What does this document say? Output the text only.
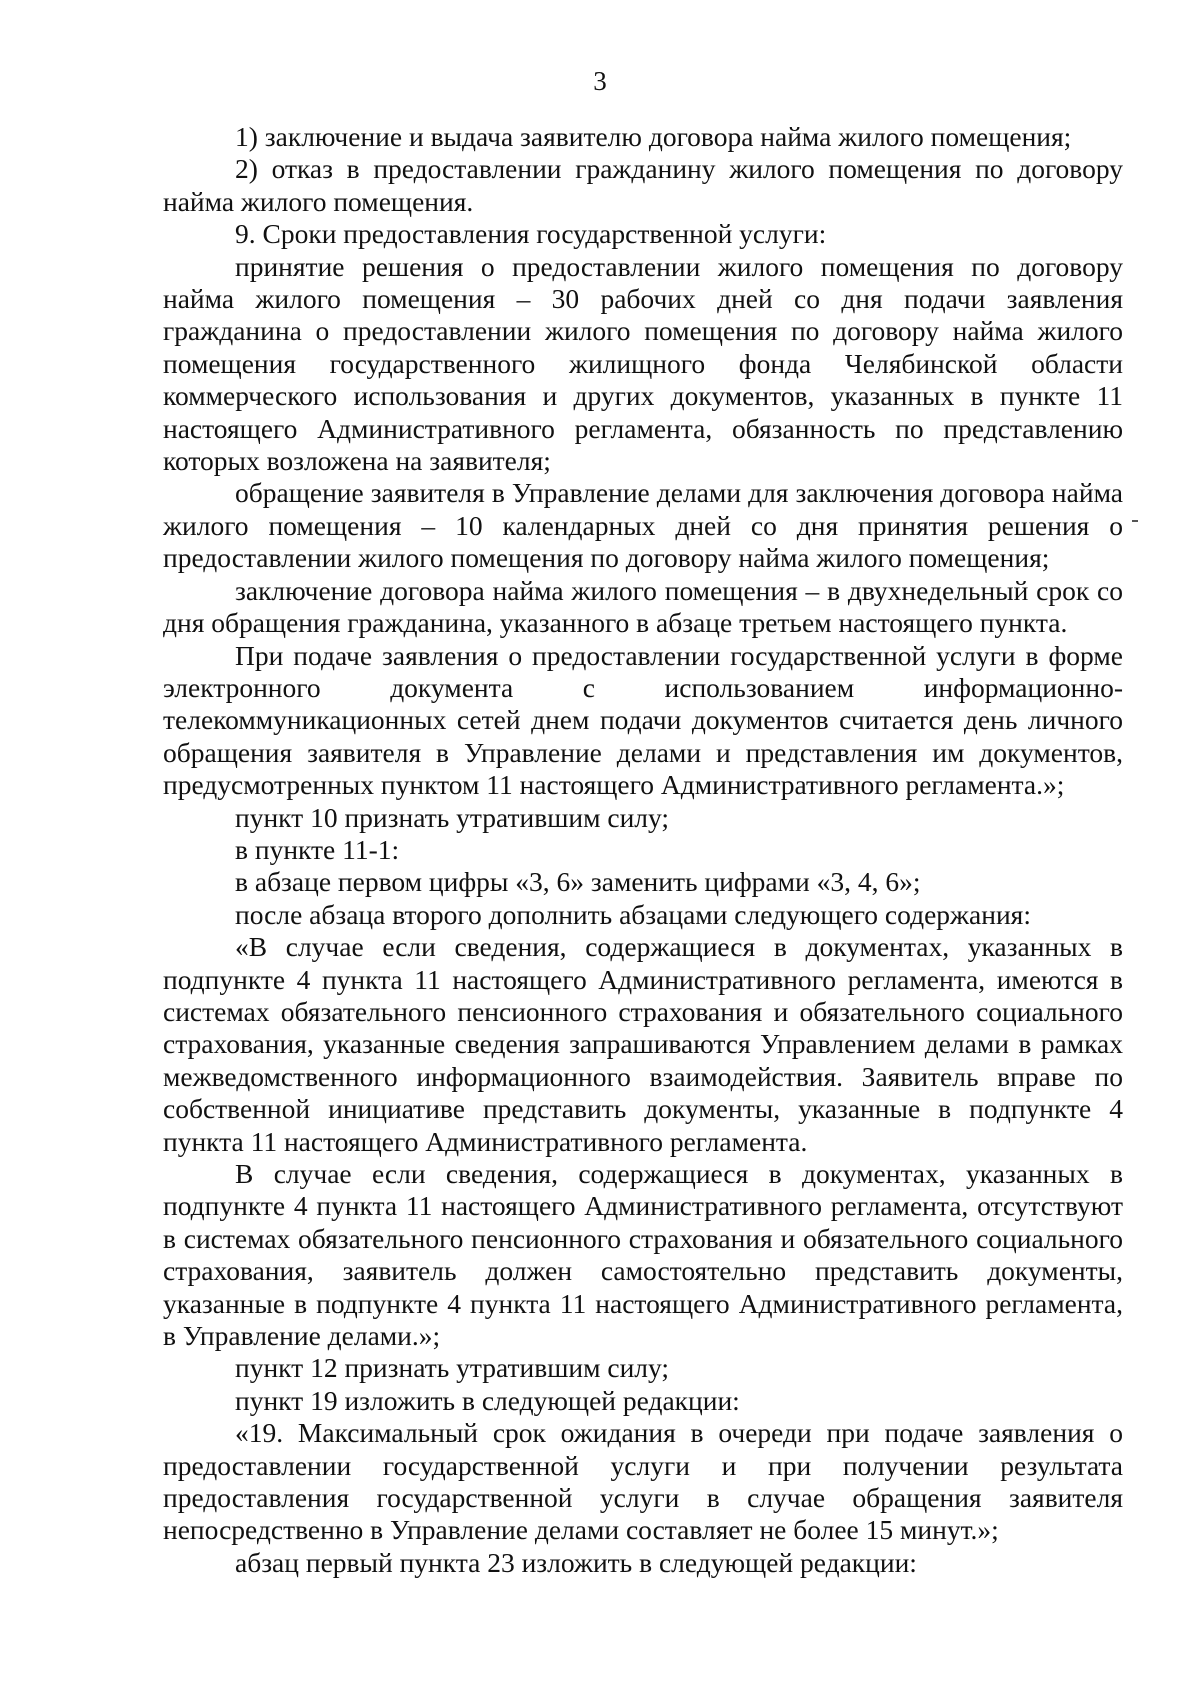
3

1) заключение и выдача заявителю договора найма жилого помещения;

2) отказ в предоставлении гражданину жилого помещения по договору найма жилого помещения.

9. Сроки предоставления государственной услуги:

принятие решения о предоставлении жилого помещения по договору найма жилого помещения – 30 рабочих дней со дня подачи заявления гражданина о предоставлении жилого помещения по договору найма жилого помещения государственного жилищного фонда Челябинской области коммерческого использования и других документов, указанных в пункте 11 настоящего Административного регламента, обязанность по представлению которых возложена на заявителя;

обращение заявителя в Управление делами для заключения договора найма жилого помещения – 10 календарных дней со дня принятия решения о предоставлении жилого помещения по договору найма жилого помещения;

заключение договора найма жилого помещения – в двухнедельный срок со дня обращения гражданина, указанного в абзаце третьем настоящего пункта.

При подаче заявления о предоставлении государственной услуги в форме электронного документа с использованием информационно-телекоммуникационных сетей днем подачи документов считается день личного обращения заявителя в Управление делами и представления им документов, предусмотренных пунктом 11 настоящего Административного регламента.»;

пункт 10 признать утратившим силу;

в пункте 11-1:

в абзаце первом цифры «3, 6» заменить цифрами «3, 4, 6»;

после абзаца второго дополнить абзацами следующего содержания:

«В случае если сведения, содержащиеся в документах, указанных в подпункте 4 пункта 11 настоящего Административного регламента, имеются в системах обязательного пенсионного страхования и обязательного социального страхования, указанные сведения запрашиваются Управлением делами в рамках межведомственного информационного взаимодействия. Заявитель вправе по собственной инициативе представить документы, указанные в подпункте 4 пункта 11 настоящего Административного регламента.

В случае если сведения, содержащиеся в документах, указанных в подпункте 4 пункта 11 настоящего Административного регламента, отсутствуют в системах обязательного пенсионного страхования и обязательного социального страхования, заявитель должен самостоятельно представить документы, указанные в подпункте 4 пункта 11 настоящего Административного регламента, в Управление делами.»;

пункт 12 признать утратившим силу;

пункт 19 изложить в следующей редакции:

«19. Максимальный срок ожидания в очереди при подаче заявления о предоставлении государственной услуги и при получении результата предоставления государственной услуги в случае обращения заявителя непосредственно в Управление делами составляет не более 15 минут.»;

абзац первый пункта 23 изложить в следующей редакции:
